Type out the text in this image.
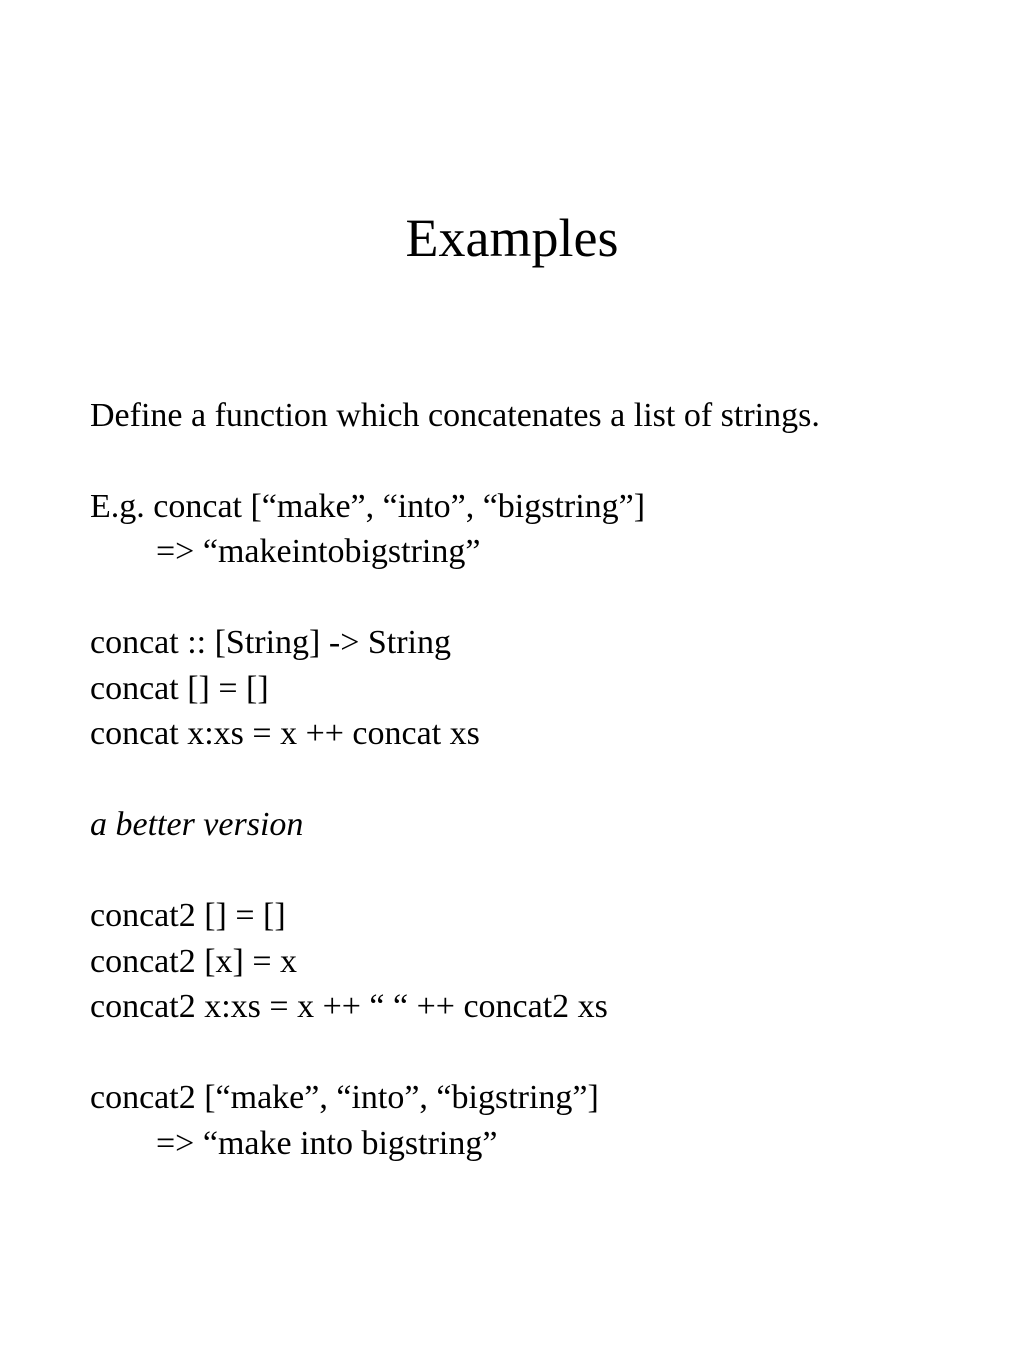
Examples
Define a function which concatenates a list of strings.
E.g. concat [“make”, “into”, “bigstring”]
=> “makeintobigstring”
concat :: [String] -> String
concat [] = []
concat x:xs = x ++ concat xs
a better version
concat2 [] = []
concat2 [x] = x
concat2 x:xs = x ++ “ “ ++ concat2 xs
concat2 [“make”, “into”, “bigstring”]
=> “make into bigstring”
